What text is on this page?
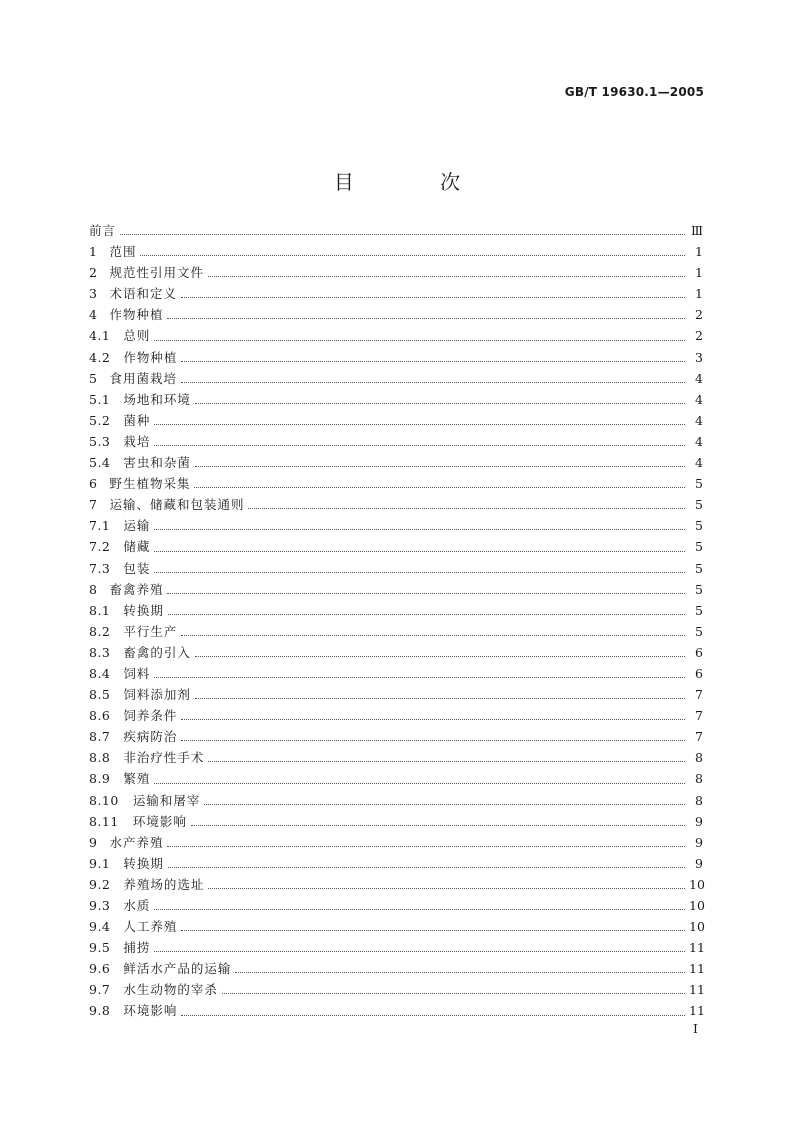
GB/T 19630.1—2005
目 次
前言	Ⅲ
1 范围	1
2 规范性引用文件	1
3 术语和定义	1
4 作物种植	2
4.1	总则	2
4.2	作物种植	3
5 食用菌栽培	4
5.1	场地和环境	4
5.2	菌种	4
5.3	栽培	4
5.4	害虫和杂菌	4
6 野生植物采集	5
7 运输、储藏和包装通则	5
7.1	运输	5
7.2	储藏	5
7.3	包装	5
8 畜禽养殖	5
8.1	转换期	5
8.2	平行生产	5
8.3	畜禽的引入	6
8.4	饲料	6
8.5	饲料添加剂	7
8.6	饲养条件	7
8.7	疾病防治	7
8.8	非治疗性手术	8
8.9	繁殖	8
8.10	运输和屠宰	8
8.11	环境影响	9
9 水产养殖	9
9.1	转换期	9
9.2	养殖场的选址	10
9.3	水质	10
9.4	人工养殖	10
9.5	捕捞	11
9.6	鲜活水产品的运输	11
9.7	水生动物的宰杀	11
9.8	环境影响	11
I
